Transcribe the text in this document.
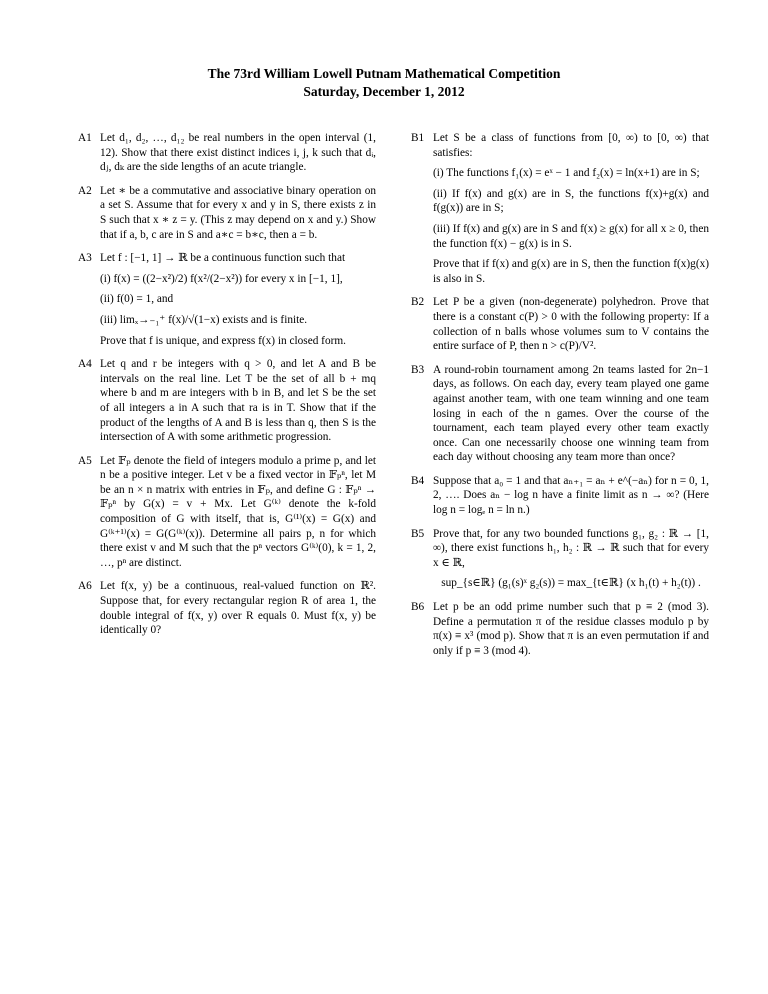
The 73rd William Lowell Putnam Mathematical Competition
Saturday, December 1, 2012
A1 Let d₁, d₂, …, d₁₂ be real numbers in the open interval (1, 12). Show that there exist distinct indices i, j, k such that dᵢ, dⱼ, dₖ are the side lengths of an acute triangle.
A2 Let ∗ be a commutative and associative binary operation on a set S. Assume that for every x and y in S, there exists z in S such that x ∗ z = y. (This z may depend on x and y.) Show that if a, b, c are in S and a∗c = b∗c, then a = b.
A3 Let f : [−1, 1] → ℝ be a continuous function such that
(i) f(x) = ((2−x²)/2) f(x²/(2−x²)) for every x in [−1, 1],
(ii) f(0) = 1, and
(iii) limₓ→₋₁⁺ f(x)/√(1−x) exists and is finite.
Prove that f is unique, and express f(x) in closed form.
A4 Let q and r be integers with q > 0, and let A and B be intervals on the real line. Let T be the set of all b + mq where b and m are integers with b in B, and let S be the set of all integers a in A such that ra is in T. Show that if the product of the lengths of A and B is less than q, then S is the intersection of A with some arithmetic progression.
A5 Let 𝔽ₚ denote the field of integers modulo a prime p, and let n be a positive integer. Let v be a fixed vector in 𝔽ₚⁿ, let M be an n × n matrix with entries in 𝔽ₚ, and define G : 𝔽ₚⁿ → 𝔽ₚⁿ by G(x) = v + Mx. Let G⁽ᵏ⁾ denote the k-fold composition of G with itself, that is, G⁽¹⁾(x) = G(x) and G⁽ᵏ⁺¹⁾(x) = G(G⁽ᵏ⁾(x)). Determine all pairs p, n for which there exist v and M such that the pⁿ vectors G⁽ᵏ⁾(0), k = 1, 2, …, pⁿ are distinct.
A6 Let f(x, y) be a continuous, real-valued function on ℝ². Suppose that, for every rectangular region R of area 1, the double integral of f(x, y) over R equals 0. Must f(x, y) be identically 0?
B1 Let S be a class of functions from [0, ∞) to [0, ∞) that satisfies:
(i) The functions f₁(x) = eˣ − 1 and f₂(x) = ln(x+1) are in S;
(ii) If f(x) and g(x) are in S, the functions f(x)+g(x) and f(g(x)) are in S;
(iii) If f(x) and g(x) are in S and f(x) ≥ g(x) for all x ≥ 0, then the function f(x) − g(x) is in S.
Prove that if f(x) and g(x) are in S, then the function f(x)g(x) is also in S.
B2 Let P be a given (non-degenerate) polyhedron. Prove that there is a constant c(P) > 0 with the following property: If a collection of n balls whose volumes sum to V contains the entire surface of P, then n > c(P)/V².
B3 A round-robin tournament among 2n teams lasted for 2n−1 days, as follows. On each day, every team played one game against another team, with one team winning and one team losing in each of the n games. Over the course of the tournament, each team played every other team exactly once. Can one necessarily choose one winning team from each day without choosing any team more than once?
B4 Suppose that a₀ = 1 and that aₙ₊₁ = aₙ + e^(−aₙ) for n = 0, 1, 2, …. Does aₙ − log n have a finite limit as n → ∞? (Here log n = logₑ n = ln n.)
B5 Prove that, for any two bounded functions g₁, g₂ : ℝ → [1, ∞), there exist functions h₁, h₂ : ℝ → ℝ such that for every x ∈ ℝ,
sup_{s∈ℝ} (g₁(s)ˣ g₂(s)) = max_{t∈ℝ} (x h₁(t) + h₂(t)) .
B6 Let p be an odd prime number such that p ≡ 2 (mod 3). Define a permutation π of the residue classes modulo p by π(x) ≡ x³ (mod p). Show that π is an even permutation if and only if p ≡ 3 (mod 4).
